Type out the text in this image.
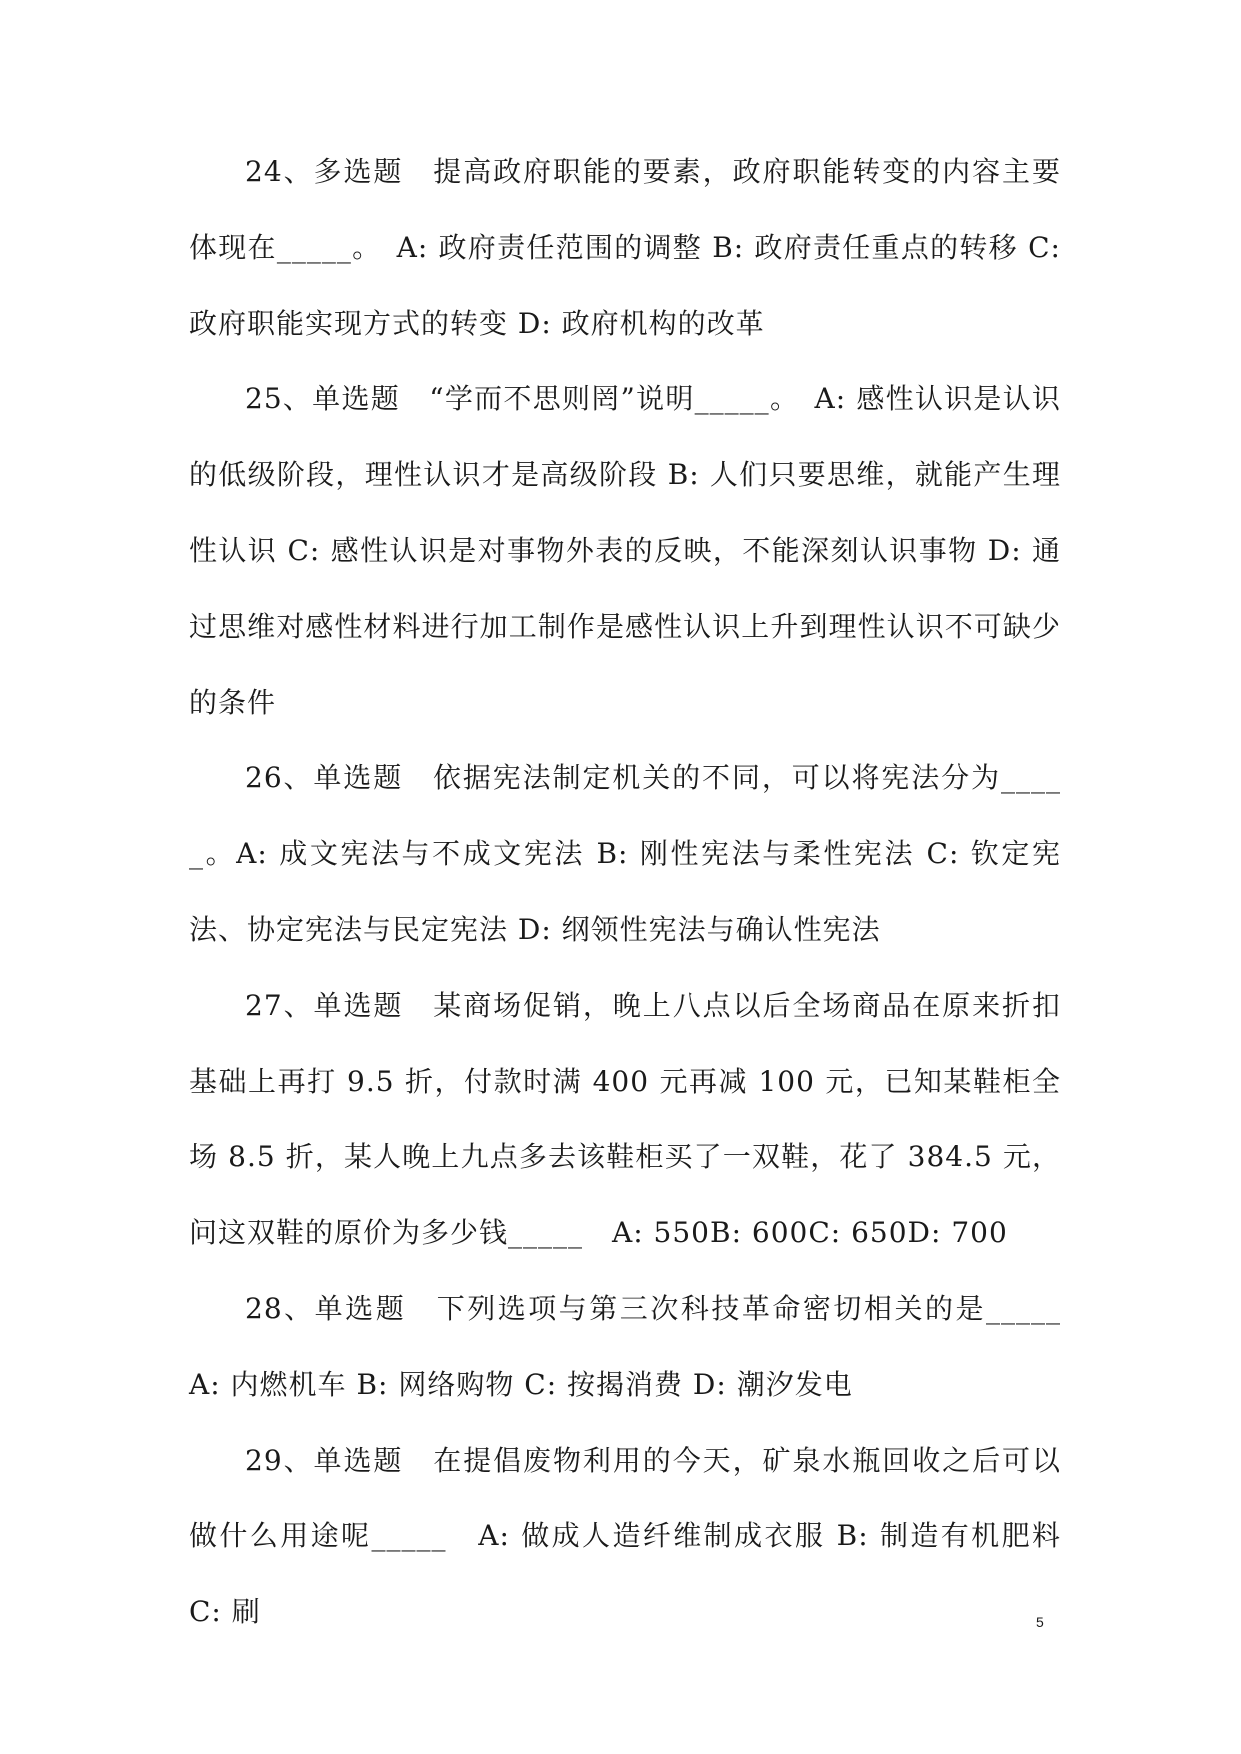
24、多选题　提高政府职能的要素，政府职能转变的内容主要体现在_____。　A: 政府责任范围的调整 B: 政府责任重点的转移 C: 政府职能实现方式的转变 D: 政府机构的改革

25、单选题　“学而不思则罔”说明_____。　A: 感性认识是认识的低级阶段，理性认识才是高级阶段 B: 人们只要思维，就能产生理性认识 C: 感性认识是对事物外表的反映，不能深刻认识事物 D: 通过思维对感性材料进行加工制作是感性认识上升到理性认识不可缺少的条件

26、单选题　依据宪法制定机关的不同，可以将宪法分为_____。A: 成文宪法与不成文宪法 B: 刚性宪法与柔性宪法 C: 钦定宪法、协定宪法与民定宪法 D: 纲领性宪法与确认性宪法

27、单选题　某商场促销，晚上八点以后全场商品在原来折扣基础上再打 9.5 折，付款时满 400 元再减 100 元，已知某鞋柜全场 8.5 折，某人晚上九点多去该鞋柜买了一双鞋，花了 384.5 元，问这双鞋的原价为多少钱_____　A: 550B: 600C: 650D: 700

28、单选题　下列选项与第三次科技革命密切相关的是_____　A: 内燃机车 B: 网络购物 C: 按揭消费 D: 潮汐发电

29、单选题　在提倡废物利用的今天，矿泉水瓶回收之后可以做什么用途呢_____　A: 做成人造纤维制成衣服 B: 制造有机肥料 C: 刷	5
